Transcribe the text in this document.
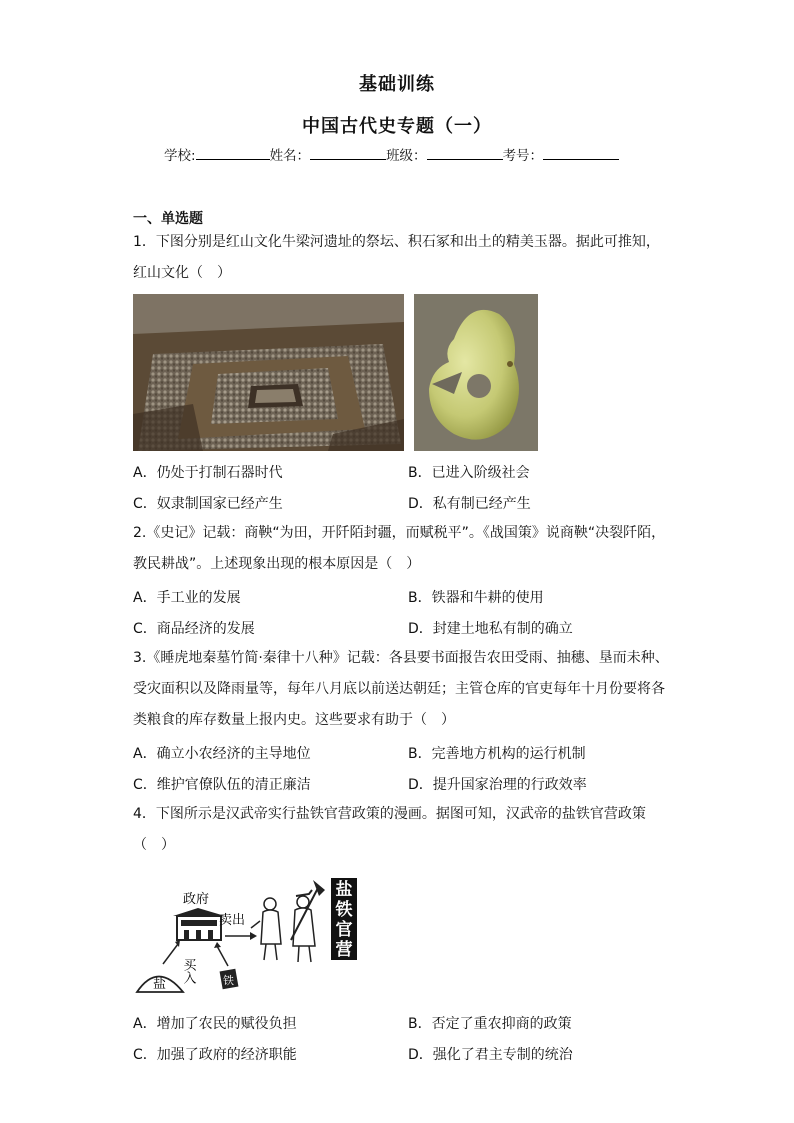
基础训练
中国古代史专题（一）
学校:	姓名：	班级：	考号：
一、单选题
1．下图分别是红山文化牛梁河遗址的祭坛、积石冢和出土的精美玉器。据此可推知，
红山文化（　）
A．仍处于打制石器时代	B．已进入阶级社会
C．奴隶制国家已经产生	D．私有制已经产生
2.《史记》记载：商鞅“为田，开阡陌封疆，而赋税平”。《战国策》说商鞅“决裂阡陌，
教民耕战”。上述现象出现的根本原因是（　）
A．手工业的发展	B．铁器和牛耕的使用
C．商品经济的发展	D．封建土地私有制的确立
3.《睡虎地秦墓竹简·秦律十八种》记载：各县要书面报告农田受雨、抽穗、垦而未种、
受灾面积以及降雨量等，每年八月底以前送达朝廷；主管仓库的官吏每年十月份要将各
类粮食的库存数量上报内史。这些要求有助于（　）
A．确立小农经济的主导地位	B．完善地方机构的运行机制
C．维护官僚队伍的清正廉洁	D．提升国家治理的行政效率
4．下图所示是汉武帝实行盐铁官营政策的漫画。据图可知，汉武帝的盐铁官营政策
（　）
政府
卖出
买入
盐	铁
盐铁官营
A．增加了农民的赋役负担	B．否定了重农抑商的政策
C．加强了政府的经济职能	D．强化了君主专制的统治
